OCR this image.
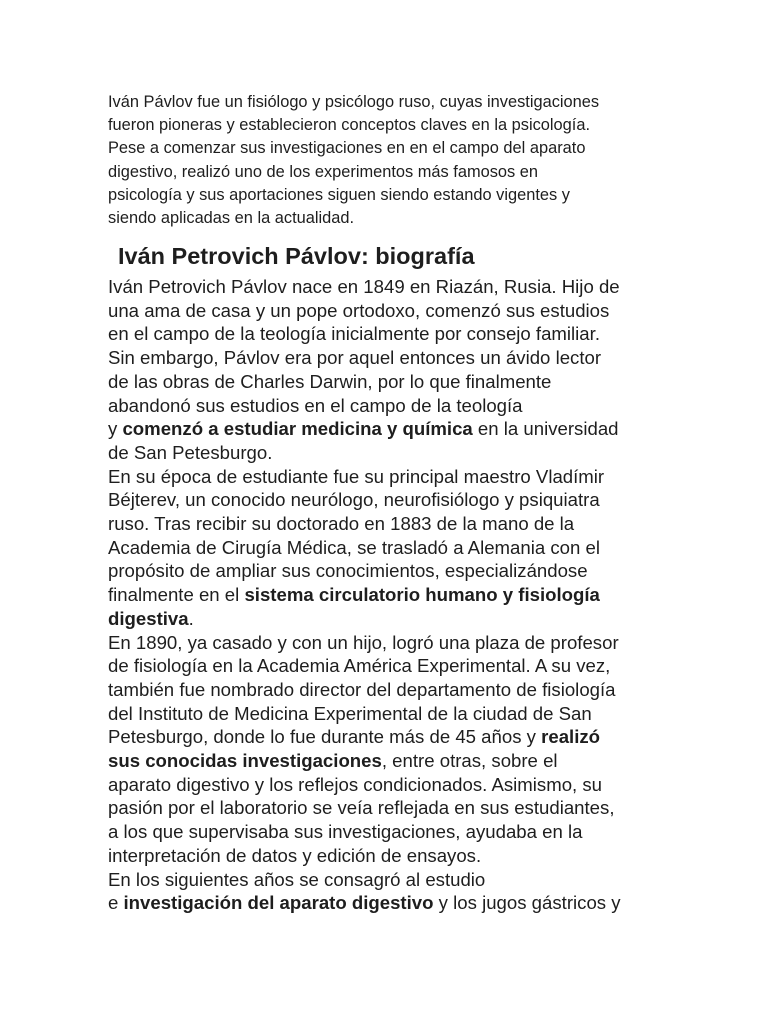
Iván Pávlov fue un fisiólogo y psicólogo ruso, cuyas investigaciones
fueron pioneras y establecieron conceptos claves en la psicología.
Pese a comenzar sus investigaciones en en el campo del aparato
digestivo, realizó uno de los experimentos más famosos en
psicología y sus aportaciones siguen siendo estando vigentes y
siendo aplicadas en la actualidad.

Iván Petrovich Pávlov: biografía
Iván Petrovich Pávlov nace en 1849 en Riazán, Rusia. Hijo de
una ama de casa y un pope ortodoxo, comenzó sus estudios
en el campo de la teología inicialmente por consejo familiar.
Sin embargo, Pávlov era por aquel entonces un ávido lector
de las obras de Charles Darwin, por lo que finalmente
abandonó sus estudios en el campo de la teología
y comenzó a estudiar medicina y química en la universidad
de San Petesburgo.
En su época de estudiante fue su principal maestro Vladímir
Béjterev, un conocido neurólogo, neurofisiólogo y psiquiatra
ruso. Tras recibir su doctorado en 1883 de la mano de la
Academia de Cirugía Médica, se trasladó a Alemania con el
propósito de ampliar sus conocimientos, especializándose
finalmente en el sistema circulatorio humano y fisiología
digestiva.
En 1890, ya casado y con un hijo, logró una plaza de profesor
de fisiología en la Academia América Experimental. A su vez,
también fue nombrado director del departamento de fisiología
del Instituto de Medicina Experimental de la ciudad de San
Petesburgo, donde lo fue durante más de 45 años y realizó
sus conocidas investigaciones, entre otras, sobre el
aparato digestivo y los reflejos condicionados. Asimismo, su
pasión por el laboratorio se veía reflejada en sus estudiantes,
a los que supervisaba sus investigaciones, ayudaba en la
interpretación de datos y edición de ensayos.
En los siguientes años se consagró al estudio
e investigación del aparato digestivo y los jugos gástricos y
